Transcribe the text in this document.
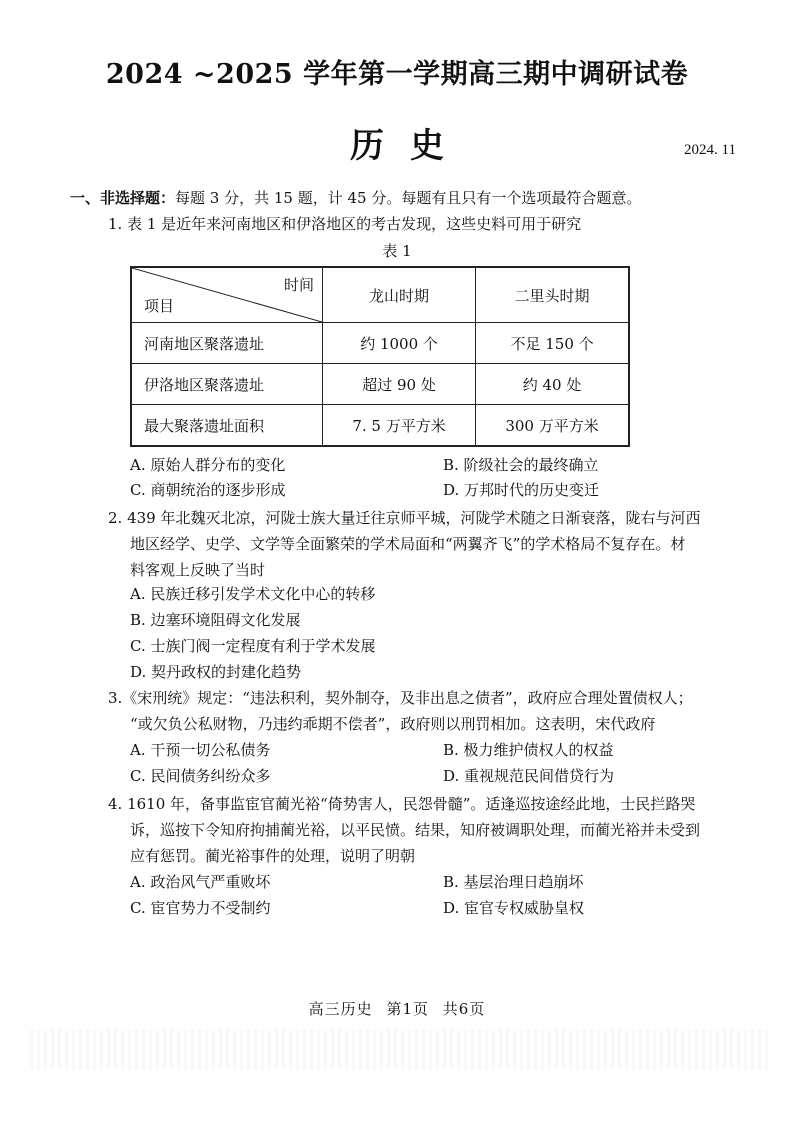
2024 ~2025 学年第一学期高三期中调研试卷
历史	2024. 11
一、非选择题：每题 3 分，共 15 题，计 45 分。每题有且只有一个选项最符合题意。
1. 表 1 是近年来河南地区和伊洛地区的考古发现，这些史料可用于研究
表 1
时间
项目	龙山时期	二里头时期
河南地区聚落遗址	约 1000 个	不足 150 个
伊洛地区聚落遗址	超过 90 处	约 40 处
最大聚落遗址面积	7. 5 万平方米	300 万平方米
A. 原始人群分布的变化	B. 阶级社会的最终确立
C. 商朝统治的逐步形成	D. 万邦时代的历史变迁
2. 439 年北魏灭北凉，河陇士族大量迁往京师平城，河陇学术随之日渐衰落，陇右与河西
地区经学、史学、文学等全面繁荣的学术局面和“两翼齐飞”的学术格局不复存在。材
料客观上反映了当时
A. 民族迁移引发学术文化中心的转移
B. 边塞环境阻碍文化发展
C. 士族门阀一定程度有利于学术发展
D. 契丹政权的封建化趋势
3.《宋刑统》规定：“违法积利，契外制夺，及非出息之债者”，政府应合理处置债权人；
“或欠负公私财物，乃违约乖期不偿者”，政府则以刑罚相加。这表明，宋代政府
A. 干预一切公私债务	B. 极力维护债权人的权益
C. 民间债务纠纷众多	D. 重视规范民间借贷行为
4. 1610 年，备事监宦官蔺光裕“倚势害人，民怨骨髓”。适逢巡按途经此地，士民拦路哭
诉，巡按下令知府拘捕蔺光裕，以平民愤。结果，知府被调职处理，而蔺光裕并未受到
应有惩罚。蔺光裕事件的处理，说明了明朝
A. 政治风气严重败坏	B. 基层治理日趋崩坏
C. 宦官势力不受制约	D. 宦官专权威胁皇权
高三历史 第1页 共6页
